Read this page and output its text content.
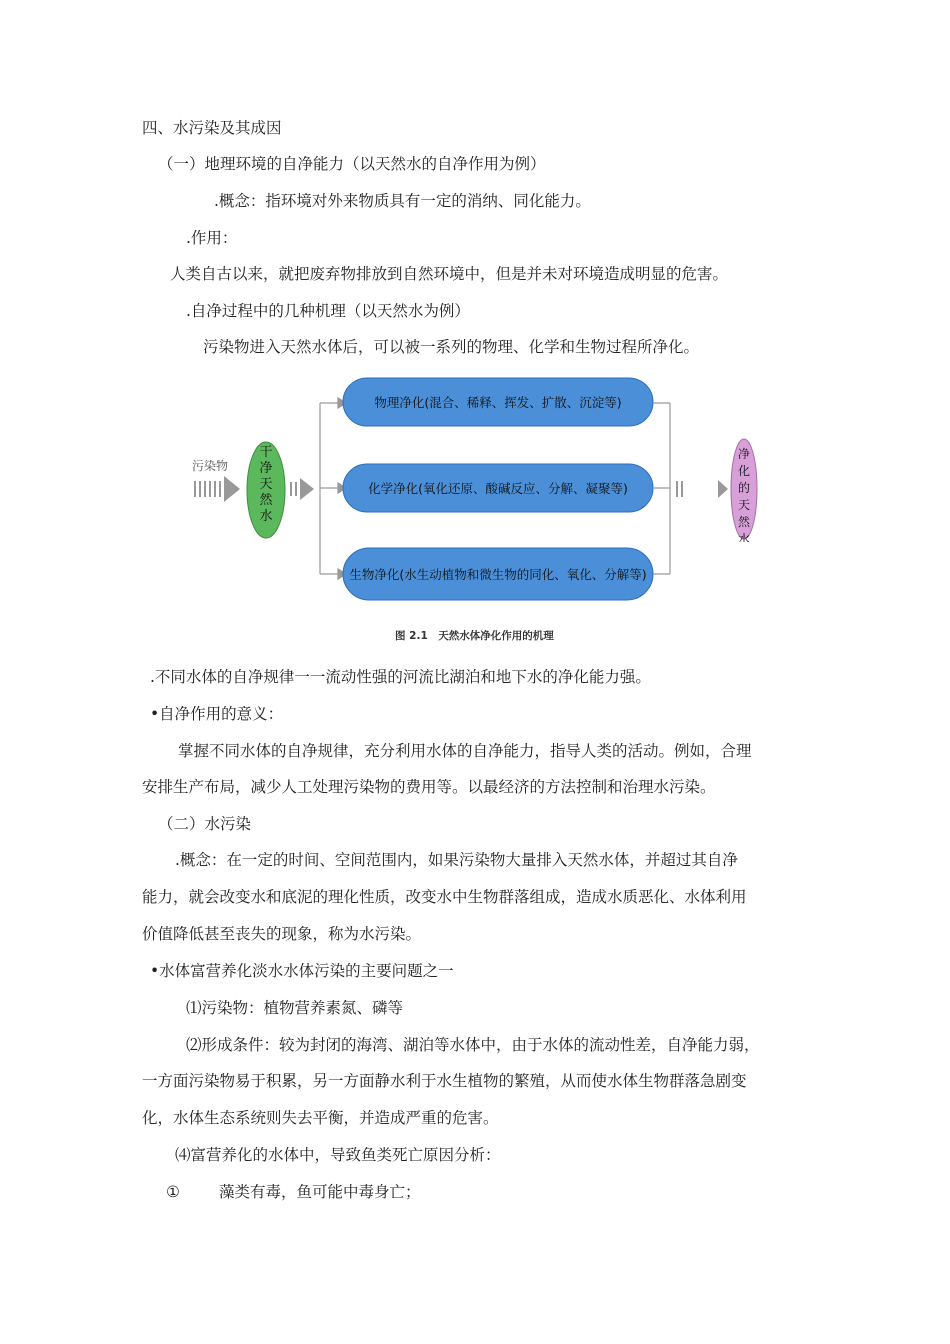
四、水污染及其成因
（一）地理环境的自净能力（以天然水的自净作用为例）
.概念：指环境对外来物质具有一定的消纳、同化能力。
.作用：
人类自古以来，就把废弃物排放到自然环境中，但是并未对环境造成明显的危害。
.自净过程中的几种机理（以天然水为例）
污染物进入天然水体后，可以被一系列的物理、化学和生物过程所净化。
污染物
干净天然水
物理净化(混合、稀释、挥发、扩散、沉淀等)
化学净化(氧化还原、酸碱反应、分解、凝聚等)
生物净化(水生动植物和微生物的同化、氧化、分解等)
图 2.1　天然水体净化作用的机理
净化的天然水
.不同水体的自净规律一一流动性强的河流比湖泊和地下水的净化能力强。
•自净作用的意义：
掌握不同水体的自净规律，充分利用水体的自净能力，指导人类的活动。例如，合理
安排生产布局，减少人工处理污染物的费用等。以最经济的方法控制和治理水污染。
（二）水污染
.概念：在一定的时间、空间范围内，如果污染物大量排入天然水体，并超过其自净
能力，就会改变水和底泥的理化性质，改变水中生物群落组成，造成水质恶化、水体利用
价值降低甚至丧失的现象，称为水污染。
•水体富营养化淡水水体污染的主要问题之一
⑴污染物：植物营养素氮、磷等
⑵形成条件：较为封闭的海湾、湖泊等水体中，由于水体的流动性差，自净能力弱，
一方面污染物易于积累，另一方面静水利于水生植物的繁殖，从而使水体生物群落急剧变
化，水体生态系统则失去平衡，并造成严重的危害。
⑷富营养化的水体中，导致鱼类死亡原因分析：
①	藻类有毒，鱼可能中毒身亡；
